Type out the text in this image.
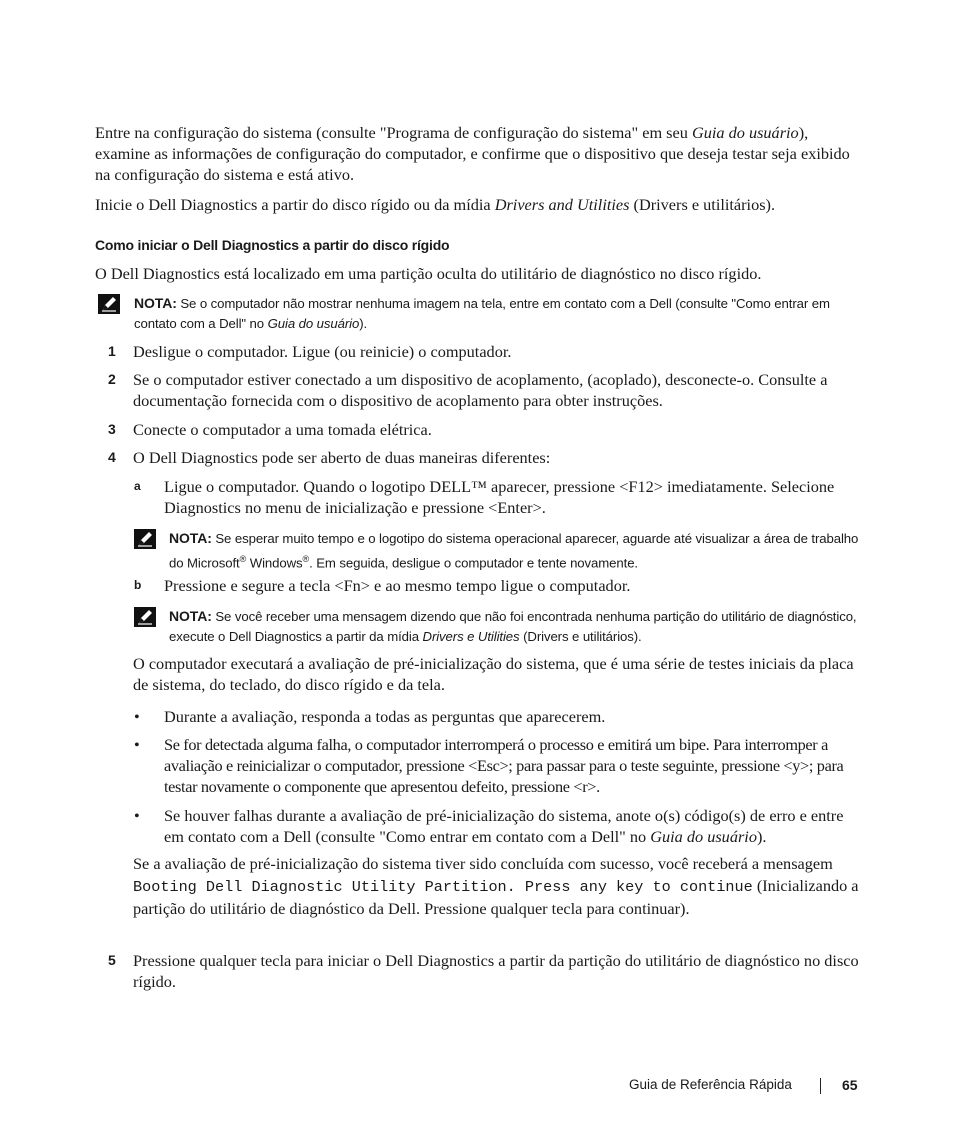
Entre na configuração do sistema (consulte "Programa de configuração do sistema" em seu Guia do usuário), examine as informações de configuração do computador, e confirme que o dispositivo que deseja testar seja exibido na configuração do sistema e está ativo.
Inicie o Dell Diagnostics a partir do disco rígido ou da mídia Drivers and Utilities (Drivers e utilitários).
Como iniciar o Dell Diagnostics a partir do disco rígido
O Dell Diagnostics está localizado em uma partição oculta do utilitário de diagnóstico no disco rígido.
NOTA: Se o computador não mostrar nenhuma imagem na tela, entre em contato com a Dell (consulte "Como entrar em contato com a Dell" no Guia do usuário).
1 Desligue o computador. Ligue (ou reinicie) o computador.
2 Se o computador estiver conectado a um dispositivo de acoplamento, (acoplado), desconecte-o. Consulte a documentação fornecida com o dispositivo de acoplamento para obter instruções.
3 Conecte o computador a uma tomada elétrica.
4 O Dell Diagnostics pode ser aberto de duas maneiras diferentes:
a Ligue o computador. Quando o logotipo DELL™ aparecer, pressione <F12> imediatamente. Selecione Diagnostics no menu de inicialização e pressione <Enter>.
NOTA: Se esperar muito tempo e o logotipo do sistema operacional aparecer, aguarde até visualizar a área de trabalho do Microsoft® Windows®. Em seguida, desligue o computador e tente novamente.
b Pressione e segure a tecla <Fn> e ao mesmo tempo ligue o computador.
NOTA: Se você receber uma mensagem dizendo que não foi encontrada nenhuma partição do utilitário de diagnóstico, execute o Dell Diagnostics a partir da mídia Drivers e Utilities (Drivers e utilitários).
O computador executará a avaliação de pré-inicialização do sistema, que é uma série de testes iniciais da placa de sistema, do teclado, do disco rígido e da tela.
• Durante a avaliação, responda a todas as perguntas que aparecerem.
• Se for detectada alguma falha, o computador interromperá o processo e emitirá um bipe. Para interromper a avaliação e reinicializar o computador, pressione <Esc>; para passar para o teste seguinte, pressione <y>; para testar novamente o componente que apresentou defeito, pressione <r>.
• Se houver falhas durante a avaliação de pré-inicialização do sistema, anote o(s) código(s) de erro e entre em contato com a Dell (consulte "Como entrar em contato com a Dell" no Guia do usuário).
Se a avaliação de pré-inicialização do sistema tiver sido concluída com sucesso, você receberá a mensagem Booting Dell Diagnostic Utility Partition. Press any key to continue (Inicializando a partição do utilitário de diagnóstico da Dell. Pressione qualquer tecla para continuar).
5 Pressione qualquer tecla para iniciar o Dell Diagnostics a partir da partição do utilitário de diagnóstico no disco rígido.
Guia de Referência Rápida	65
